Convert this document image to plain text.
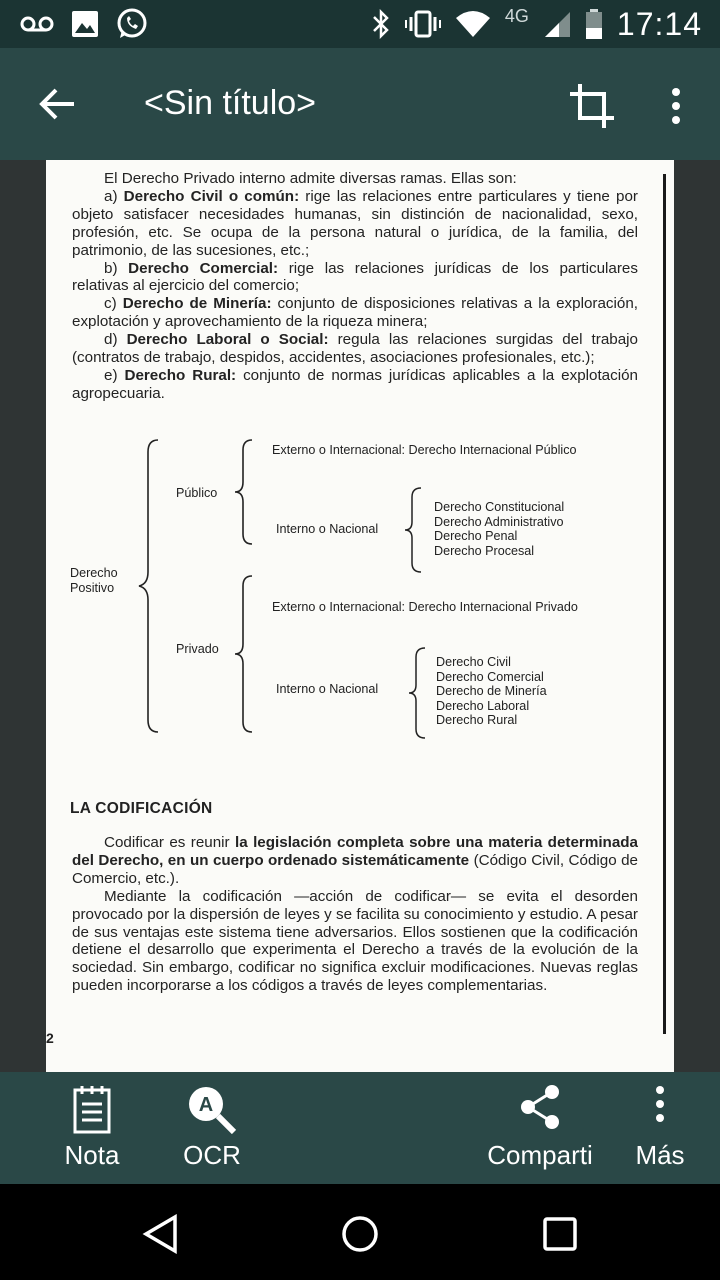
4G	17:14
<Sin título>

El Derecho Privado interno admite diversas ramas. Ellas son:

a) Derecho Civil o común: rige las relaciones entre particulares y tiene por objeto satisfacer necesidades humanas, sin distinción de nacionalidad, sexo, profesión, etc. Se ocupa de la persona natural o jurídica, de la familia, del patrimonio, de las sucesiones, etc.;

b) Derecho Comercial: rige las relaciones jurídicas de los particulares relativas al ejercicio del comercio;

c) Derecho de Minería: conjunto de disposiciones relativas a la exploración, explotación y aprovechamiento de la riqueza minera;

d) Derecho Laboral o Social: regula las relaciones surgidas del trabajo (contratos de trabajo, despidos, accidentes, asociaciones profesionales, etc.);

e) Derecho Rural: conjunto de normas jurídicas aplicables a la explotación agropecuaria.

Derecho
Positivo
Público
Externo o Internacional: Derecho Internacional Público
Interno o Nacional
Derecho Constitucional
Derecho Administrativo
Derecho Penal
Derecho Procesal
Privado
Externo o Internacional: Derecho Internacional Privado
Interno o Nacional
Derecho Civil
Derecho Comercial
Derecho de Minería
Derecho Laboral
Derecho Rural
LA CODIFICACIÓN

Codificar es reunir la legislación completa sobre una materia determinada del Derecho, en un cuerpo ordenado sistemáticamente (Código Civil, Código de Comercio, etc.).

Mediante la codificación —acción de codificar— se evita el desorden provocado por la dispersión de leyes y se facilita su conocimiento y estudio. A pesar de sus ventajas este sistema tiene adversarios. Ellos sostienen que la codificación detiene el desarrollo que experimenta el Derecho a través de la evolución de la sociedad. Sin embargo, codificar no significa excluir modificaciones. Nuevas reglas pueden incorporarse a los códigos a través de leyes complementarias.

2
Nota
A
OCR	Comparti	Más
